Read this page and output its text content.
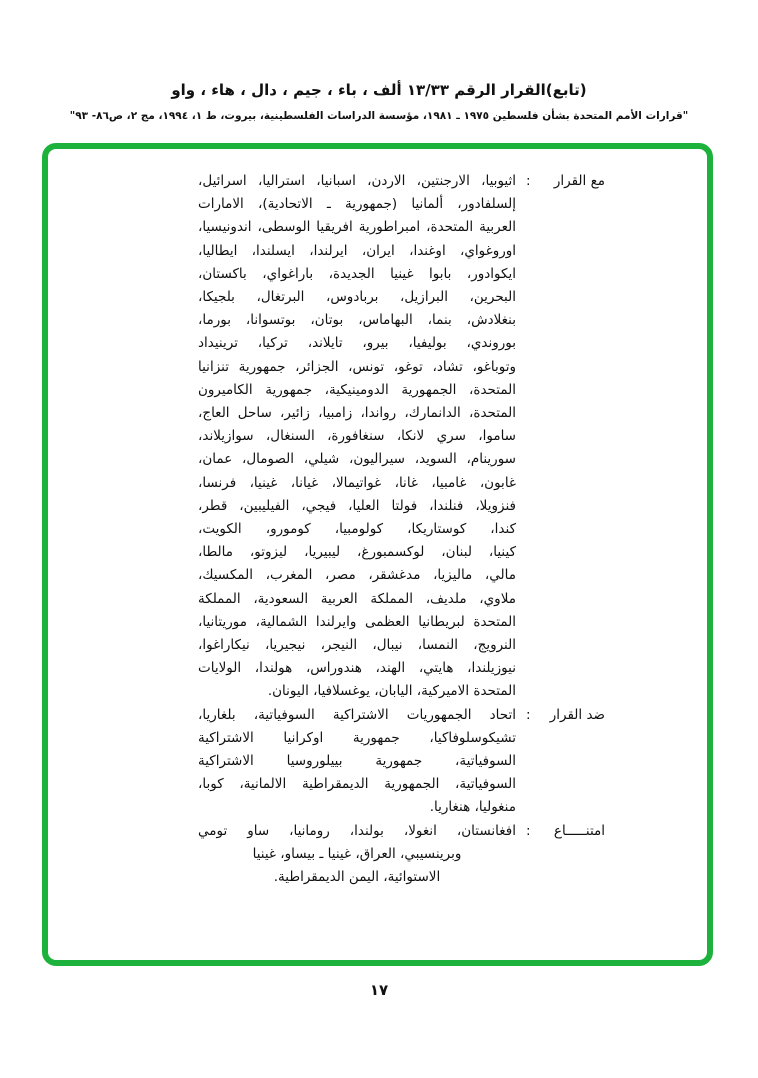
(تابع)القرار الرقم ١٣/٣٣ ألف ، باء ، جيم ، دال ، هاء ، واو
"قرارات الأمم المتحدة بشأن فلسطين ١٩٧٥ ـ ١٩٨١، مؤسسة الدراسات الفلسطينية، بيروت، ط ١، ١٩٩٤، مج ٢، ص٨٦- ٩٣"
مع القرار
:
اثيوبيا، الارجنتين، الاردن، اسبانيا، استراليا، اسرائيل،
إلسلفادور، ألمانيا (جمهورية ـ الاتحادية)، الامارات
العربية المتحدة، امبراطورية افريقيا الوسطى، اندونيسيا،
اوروغواي، اوغندا، ايران، ايرلندا، ايسلندا، ايطاليا،
ايكوادور، بابوا غينيا الجديدة، باراغواي، باكستان،
البحرين، البرازيل، بربادوس، البرتغال، بلجيكا،
بنغلادش، بنما، البهاماس، بوتان، بوتسوانا، بورما،
بوروندي، بوليفيا، بيرو، تايلاند، تركيا، ترينيداد
وتوباغو، تشاد، توغو، تونس، الجزائر، جمهورية تنزانيا
المتحدة، الجمهورية الدومينيكية، جمهورية الكاميرون
المتحدة، الدانمارك، رواندا، زامبيا، زائير، ساحل العاج،
ساموا، سري لانكا، سنغافورة، السنغال، سوازيلاند،
سورينام، السويد، سيراليون، شيلي، الصومال، عمان،
غابون، غامبيا، غانا، غواتيمالا، غيانا، غينيا، فرنسا،
فنزويلا، فنلندا، فولتا العليا، فيجي، الفيليبين، قطر،
كندا، كوستاريكا، كولومبيا، كومورو، الكويت،
كينيا، لبنان، لوكسمبورغ، ليبيريا، ليزوتو، مالطا،
مالي، ماليزيا، مدغشقر، مصر، المغرب، المكسيك،
ملاوي، ملديف، المملكة العربية السعودية، المملكة
المتحدة لبريطانيا العظمى وايرلندا الشمالية، موريتانيا،
النرويج، النمسا، نيبال، النيجر، نيجيريا، نيكاراغوا،
نيوزيلندا، هايتي، الهند، هندوراس، هولندا، الولايات
المتحدة الاميركية، اليابان، يوغسلافيا، اليونان.
ضد القرار
:
اتحاد الجمهوريات الاشتراكية السوفياتية، بلغاريا،
تشيكوسلوفاكيا، جمهورية اوكرانيا الاشتراكية
السوفياتية، جمهورية بييلوروسيا الاشتراكية
السوفياتية، الجمهورية الديمقراطية الالمانية، كوبا،
منغوليا، هنغاريا.
امتنـــــاع
:
افغانستان، انغولا، بولندا، رومانيا، ساو تومي
وبرينسيبي، العراق، غينيا ـ بيساو، غينيا
الاستوائية، اليمن الديمقراطية.
١٧
